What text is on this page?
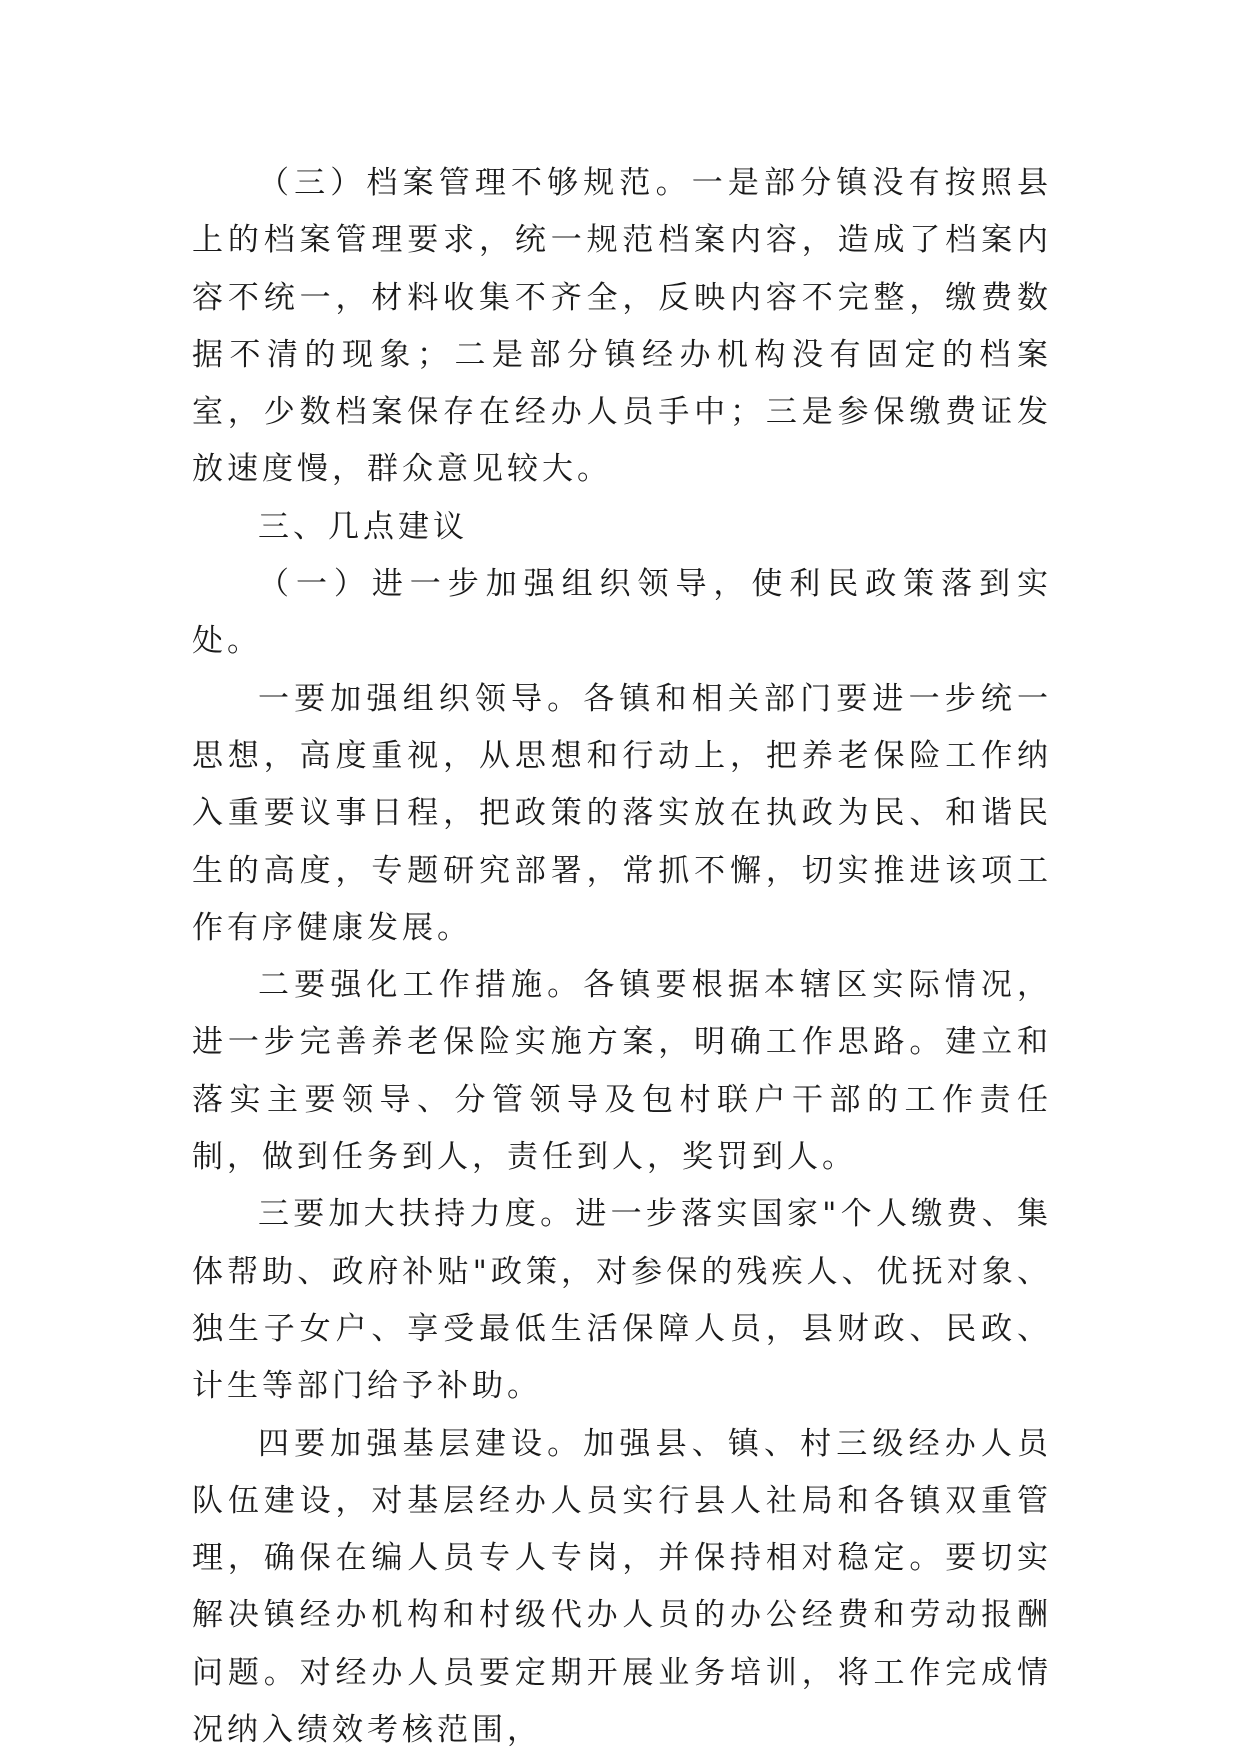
（三）档案管理不够规范。一是部分镇没有按照县上的档案管理要求，统一规范档案内容，造成了档案内容不统一，材料收集不齐全，反映内容不完整，缴费数据不清的现象；二是部分镇经办机构没有固定的档案室，少数档案保存在经办人员手中；三是参保缴费证发放速度慢，群众意见较大。

三、几点建议

（一）进一步加强组织领导，使利民政策落到实处。

一要加强组织领导。各镇和相关部门要进一步统一思想，高度重视，从思想和行动上，把养老保险工作纳入重要议事日程，把政策的落实放在执政为民、和谐民生的高度，专题研究部署，常抓不懈，切实推进该项工作有序健康发展。

二要强化工作措施。各镇要根据本辖区实际情况，进一步完善养老保险实施方案，明确工作思路。建立和落实主要领导、分管领导及包村联户干部的工作责任制，做到任务到人，责任到人，奖罚到人。

三要加大扶持力度。进一步落实国家"个人缴费、集体帮助、政府补贴"政策，对参保的残疾人、优抚对象、独生子女户、享受最低生活保障人员，县财政、民政、计生等部门给予补助。

四要加强基层建设。加强县、镇、村三级经办人员队伍建设，对基层经办人员实行县人社局和各镇双重管理，确保在编人员专人专岗，并保持相对稳定。要切实解决镇经办机构和村级代办人员的办公经费和劳动报酬问题。对经办人员要定期开展业务培训，将工作完成情况纳入绩效考核范围，
